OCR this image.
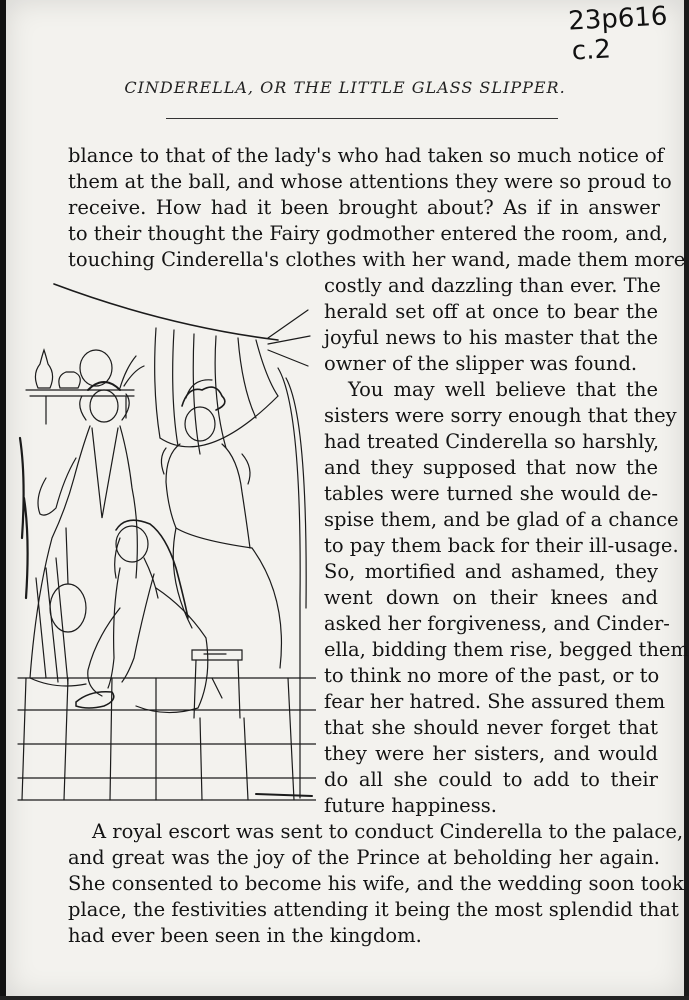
23p616
c.2
CINDERELLA, OR THE LITTLE GLASS SLIPPER.
blance to that of the lady's who had taken so much notice of
them at the ball, and whose attentions they were so proud to
receive. How had it been brought about? As if in answer
to their thought the Fairy godmother entered the room, and,
touching Cinderella's clothes with her wand, made them more
costly and dazzling than ever. The
herald set off at once to bear the
joyful news to his master that the
owner of the slipper was found.
You may well believe that the
sisters were sorry enough that they
had treated Cinderella so harshly,
and they supposed that now the
tables were turned she would de-
spise them, and be glad of a chance
to pay them back for their ill-usage.
So, mortified and ashamed, they
went down on their knees and
asked her forgiveness, and Cinder-
ella, bidding them rise, begged them
to think no more of the past, or to
fear her hatred. She assured them
that she should never forget that
they were her sisters, and would
do all she could to add to their
future happiness.
A royal escort was sent to conduct Cinderella to the palace,
and great was the joy of the Prince at beholding her again.
She consented to become his wife, and the wedding soon took
place, the festivities attending it being the most splendid that
had ever been seen in the kingdom.
